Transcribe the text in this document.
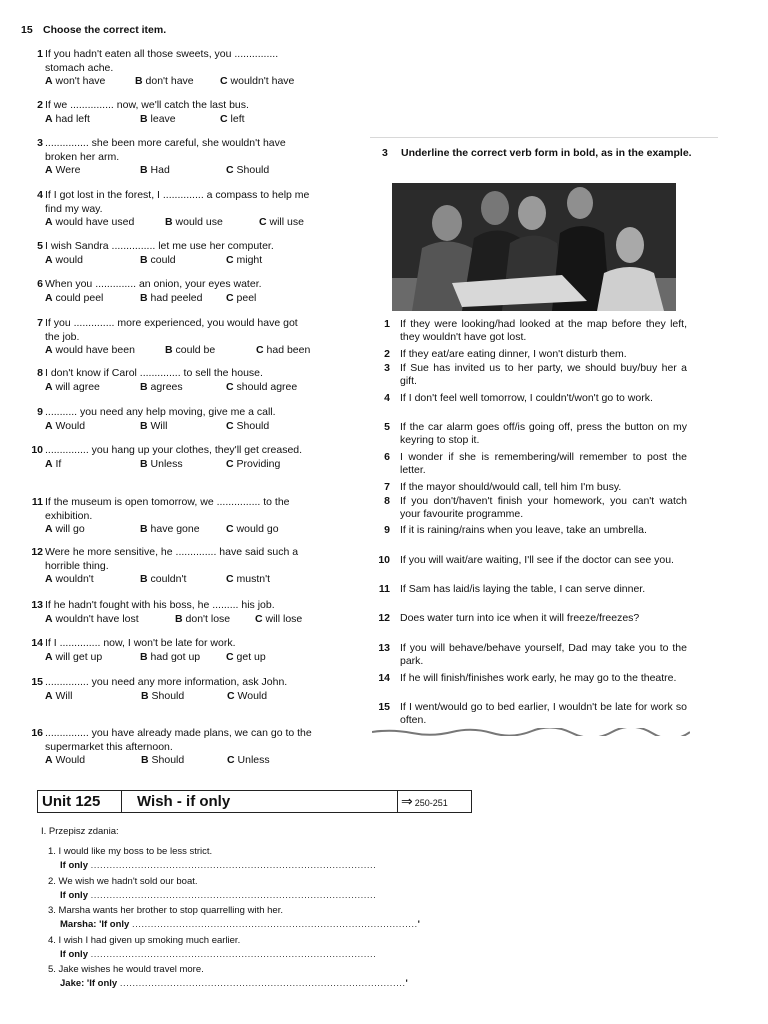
15 Choose the correct item.
1 If you hadn't eaten all those sweets, you ............... stomach ache.
A won't have	B don't have	C wouldn't have
2 If we ............... now, we'll catch the last bus.
A had left	B leave	C left
3 ............... she been more careful, she wouldn't have broken her arm.
A Were	B Had	C Should
4 If I got lost in the forest, I .............. a compass to help me find my way.
A would have used	B would use	C will use
5 I wish Sandra ............... let me use her computer.
A would	B could	C might
6 When you .............. an onion, your eyes water.
A could peel	B had peeled C peel
7 If you .............. more experienced, you would have got the job.
A would have been	B could be	C had been
8 I don't know if Carol .............. to sell the house.
A will agree	B agrees	C should agree
9 ........... you need any help moving, give me a call.
A Would	B Will	C Should
10 ............... you hang up your clothes, they'll get creased.
A If	B Unless	C Providing
11 If the museum is open tomorrow, we ............... to the exhibition.
A will go	B have gone	C would go
12 Were he more sensitive, he .............. have said such a horrible thing.
A wouldn't	B couldn't	C mustn't
13 If he hadn't fought with his boss, he ......... his job.
A wouldn't have lost	B don't lose C will lose
14 If I .............. now, I won't be late for work.
A will get up	B had got up C get up
15 ............... you need any more information, ask John.
A Will	B Should	C Would
16 ............... you have already made plans, we can go to the supermarket this afternoon.
A Would	B Should	C Unless
3 Underline the correct verb form in bold, as in the example.
1 If they were looking/had looked at the map before they left, they wouldn't have got lost.
2 If they eat/are eating dinner, I won't disturb them.
3 If Sue has invited us to her party, we should buy/buy her a gift.
4 If I don't feel well tomorrow, I couldn't/won't go to work.
5 If the car alarm goes off/is going off, press the button on my keyring to stop it.
6 I wonder if she is remembering/will remember to post the letter.
7 If the mayor should/would call, tell him I'm busy.
8 If you don't/haven't finish your homework, you can't watch your favourite programme.
9 If it is raining/rains when you leave, take an umbrella.
10 If you will wait/are waiting, I'll see if the doctor can see you.
11 If Sam has laid/is laying the table, I can serve dinner.
12 Does water turn into ice when it will freeze/freezes?
13 If you will behave/behave yourself, Dad may take you to the park.
14 If he will finish/finishes work early, he may go to the theatre.
15 If I went/would go to bed earlier, I wouldn't be late for work so often.
Unit 125	Wish - if only	⇒ 250-251
I. Przepisz zdania:
1. I would like my boss to be less strict.
If only ...........................................................................................
2. We wish we hadn't sold our boat.
If only ...........................................................................................
3. Marsha wants her brother to stop quarrelling with her.
Marsha: 'If only ...........................................................................................'
4. I wish I had given up smoking much earlier.
If only ...........................................................................................
5. Jake wishes he would travel more.
Jake: 'If only ...........................................................................................'
